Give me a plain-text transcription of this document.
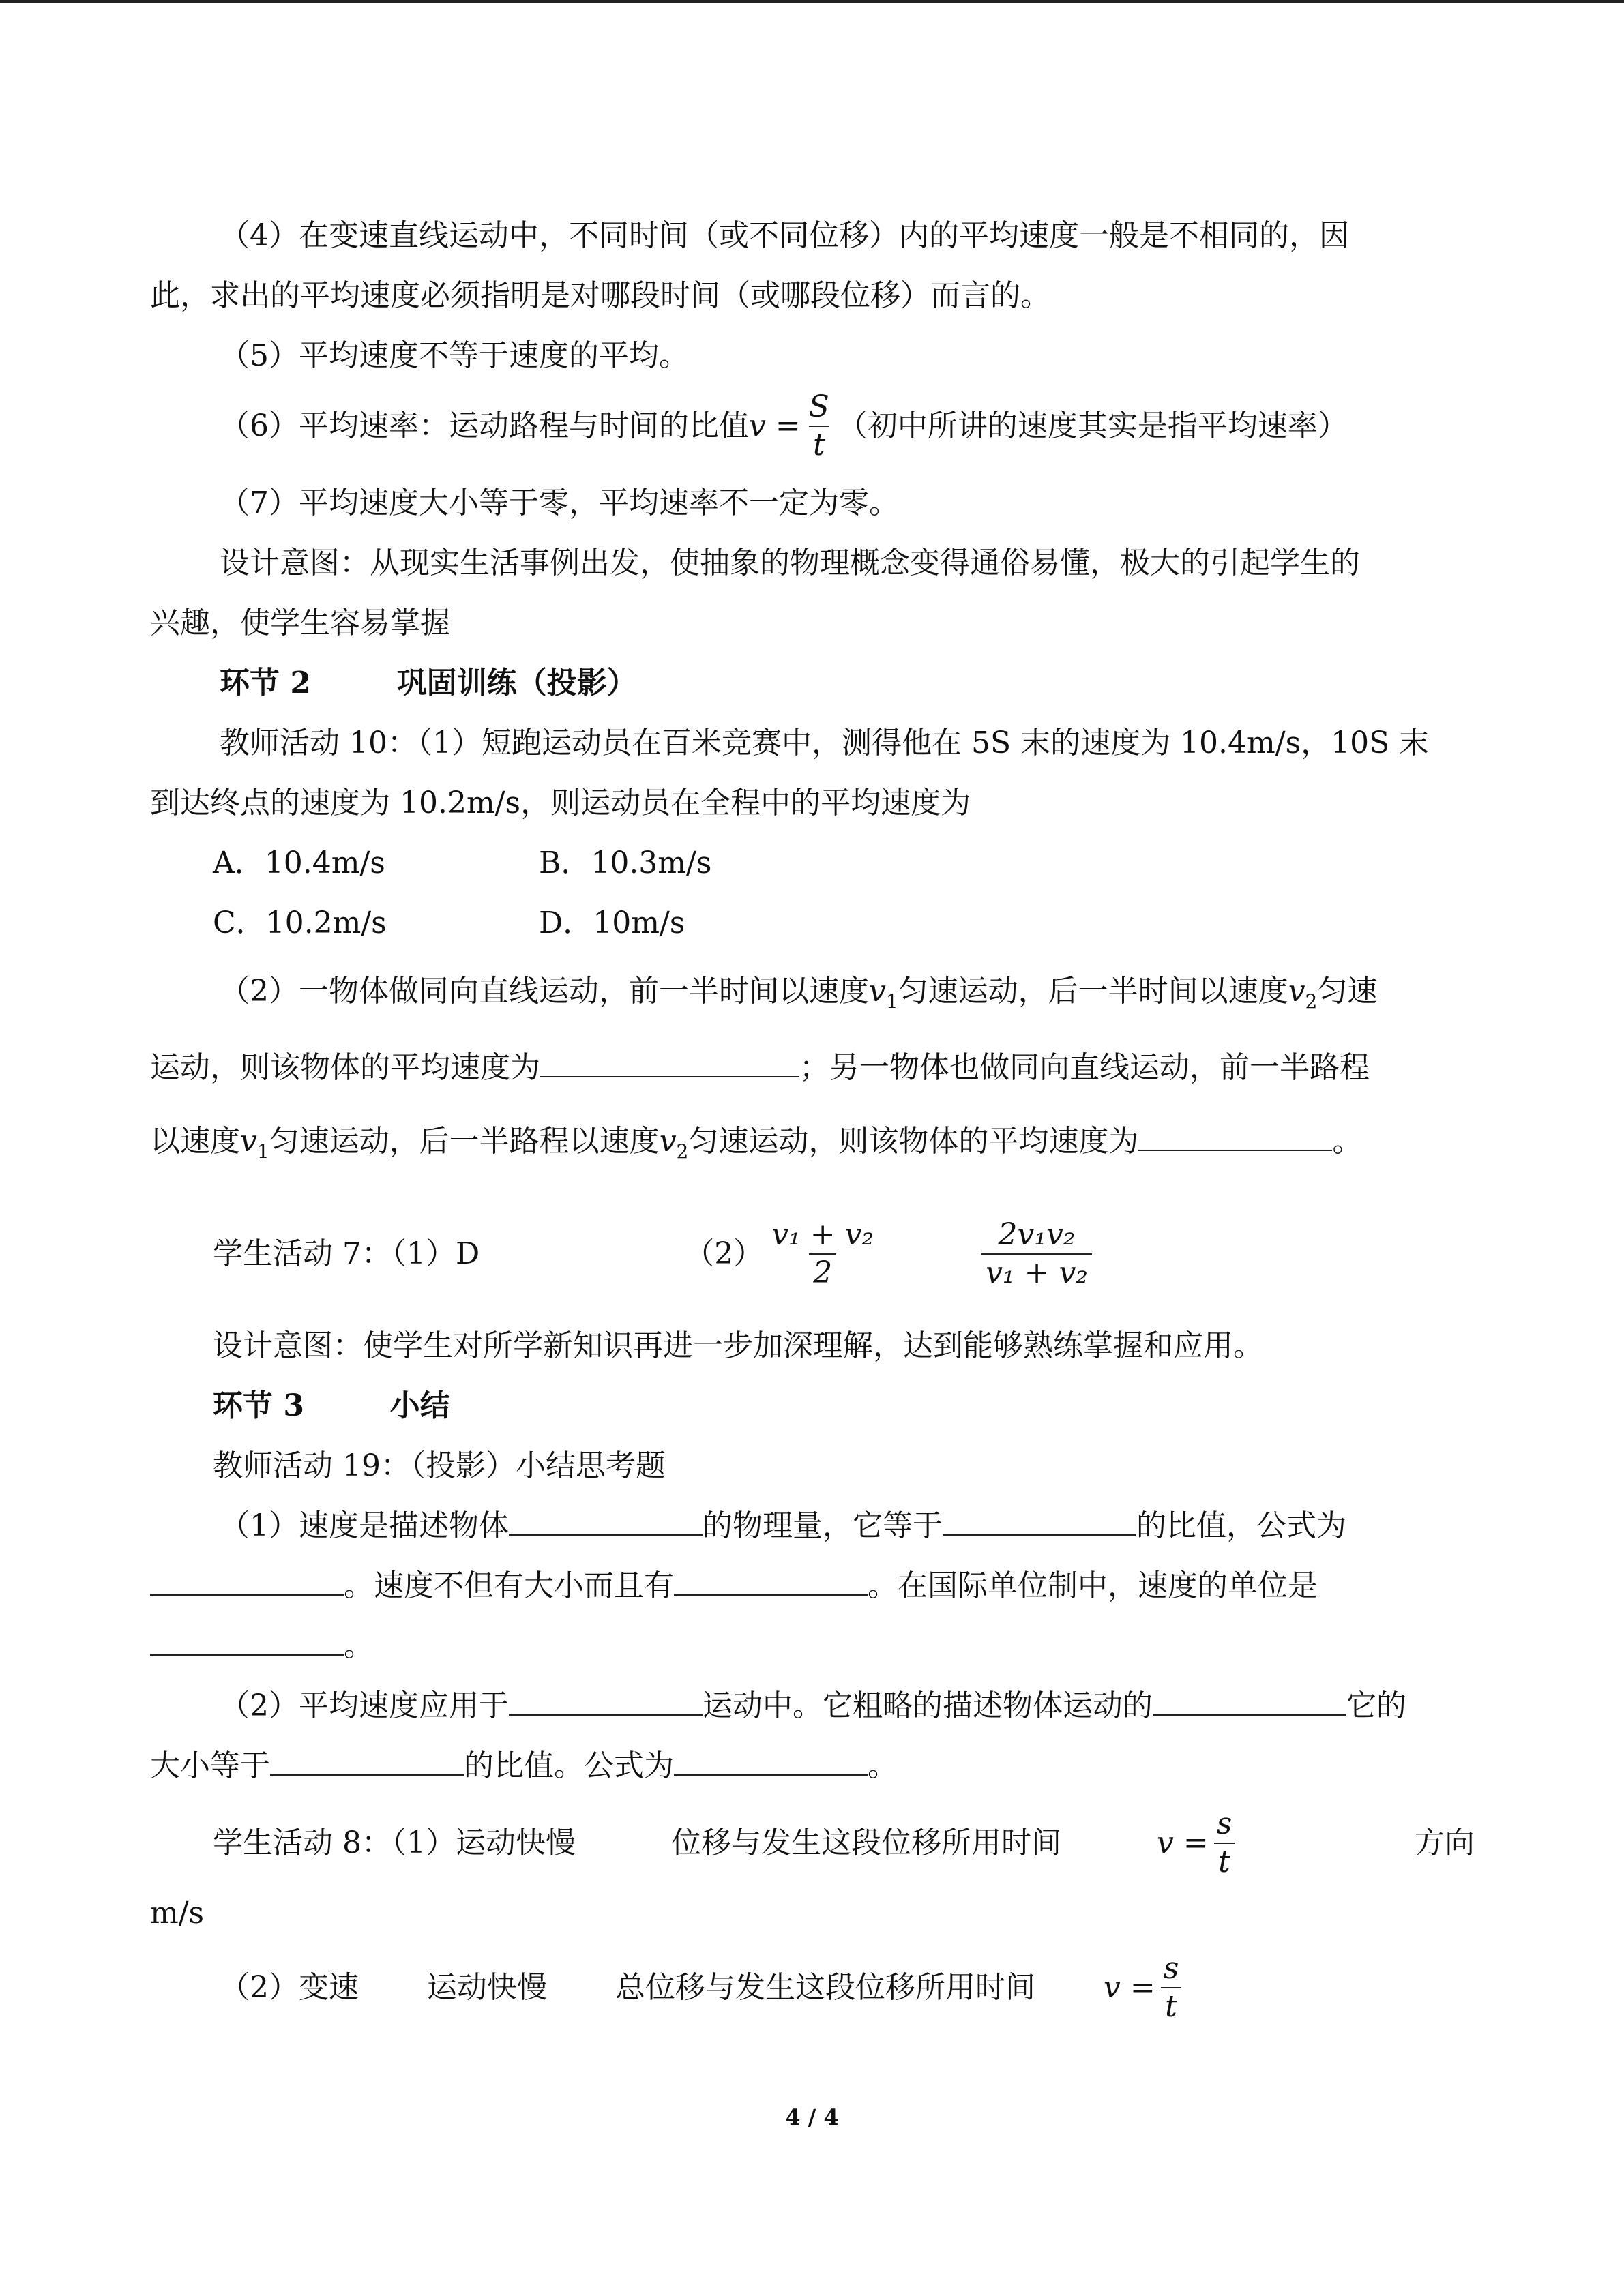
（4）在变速直线运动中，不同时间（或不同位移）内的平均速度一般是不相同的，因
此，求出的平均速度必须指明是对哪段时间（或哪段位移）而言的。
（5）平均速度不等于速度的平均。
（6）平均速率：运动路程与时间的比值 $v = \frac{S}{t}$ （初中所讲的速度其实是指平均速率）
（7）平均速度大小等于零，平均速率不一定为零。
设计意图：从现实生活事例出发，使抽象的物理概念变得通俗易懂，极大的引起学生的
兴趣，使学生容易掌握
环节 2	巩固训练（投影）
教师活动 10：（1）短跑运动员在百米竞赛中，测得他在 5S 末的速度为 10.4m/s，10S 末
到达终点的速度为 10.2m/s，则运动员在全程中的平均速度为
A．10.4m/s	B．10.3m/s
C．10.2m/s	D．10m/s
（2）一物体做同向直线运动，前一半时间以速度$v_1$匀速运动，后一半时间以速度$v_2$匀速
运动，则该物体的平均速度为	；另一物体也做同向直线运动，前一半路程
以速度$v_1$匀速运动，后一半路程以速度$v_2$匀速运动，则该物体的平均速度为	。
学生活动 7：（1）D	$(2) \frac{\text{v₁ + v₂}}{2}$	$\frac{\text{2v₁v₂}}{\text{v₁ + v₂}}$
设计意图：使学生对所学新知识再进一步加深理解，达到能够熟练掌握和应用。
环节 3	小结
教师活动 19：（投影）小结思考题
（1）速度是描述物体	的物理量，它等于	的比值，公式为
。速度不但有大小而且有	。在国际单位制中，速度的单位是
。
（2）平均速度应用于	运动中。它粗略的描述物体运动的	它的
大小等于	的比值。公式为	。
学生活动 8：（1）运动快慢	位移与发生这段位移所用时间	$v = \frac{s}{t}$	方向
m/s
（2）变速 运动快慢 总位移与发生这段位移所用时间 $v = \frac{s}{t}$
4 / 4
